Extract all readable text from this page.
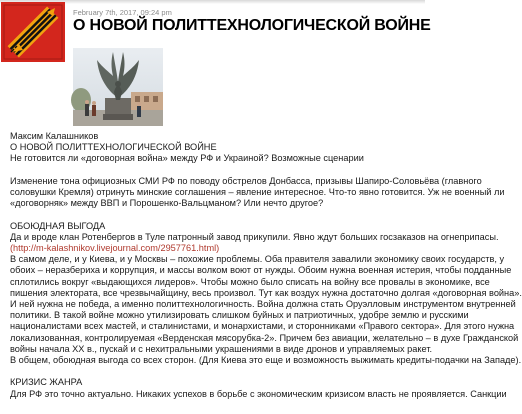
February 7th, 2017, 09:24 pm
О НОВОЙ ПОЛИТТЕХНОЛОГИЧЕСКОЙ ВОЙНЕ
Максим Калашников
О НОВОЙ ПОЛИТТЕХНОЛОГИЧЕСКОЙ ВОЙНЕ
Не готовится ли «договорная война» между РФ и Украиной? Возможные сценарии
Изменение тона официозных СМИ РФ по поводу обстрелов Донбасса, призывы Шапиро-Соловьёва (главного
соловушки Кремля) отринуть минские соглашения – явление интересное. Что-то явно готовится. Уж не военный ли
«договорняк» между ВВП и Порошенко-Вальцманом? Или нечто другое?
ОБОЮДНАЯ ВЫГОДА
Да и вроде клан Ротенбергов в Туле патронный завод прикупили. Явно ждут больших госзаказов на огнеприпасы.
(http://m-kalashnikov.livejournal.com/2957761.html)
В самом деле, и у Киева, и у Москвы – похожие проблемы. Оба правителя завалили экономику своих государств, у
обоих – неразбериха и коррупция, и массы волком воют от нужды. Обоим нужна военная истерия, чтобы подданные
сплотились вокруг «выдающихся лидеров». Чтобы можно было списать на войну все провалы в экономике, все
пишения электората, все чрезвычайщину, весь произвол. Тут как воздух нужна достаточно долгая «договорная война».
И ней нужна не победа, а именно политтехнологичность. Война должна стать Оруэлловым инструментом внутренней
политики. В такой войне можно утилизировать слишком буйных и патриотичных, удобре землю и русскими
националистами всех мастей, и сталинистами, и монархистами, и сторонниками «Правого сектора». Для этого нужна
локализованная, контролируемая «Верденская мясорубка-2». Причем без авиации, желательно – в духе Гражданской
войны начала XX в., пускай и с нехитральными украшениями в виде дронов и управляемых ракет.
В общем, обоюдная выгода со всех сторон. (Для Киева это еще и возможность выжимать кредиты-подачки на Западе).
КРИЗИС ЖАНРА
Для РФ это точно актуально. Никаких успехов в борьбе с экономическим кризисом власть не проявляется. Санкции
